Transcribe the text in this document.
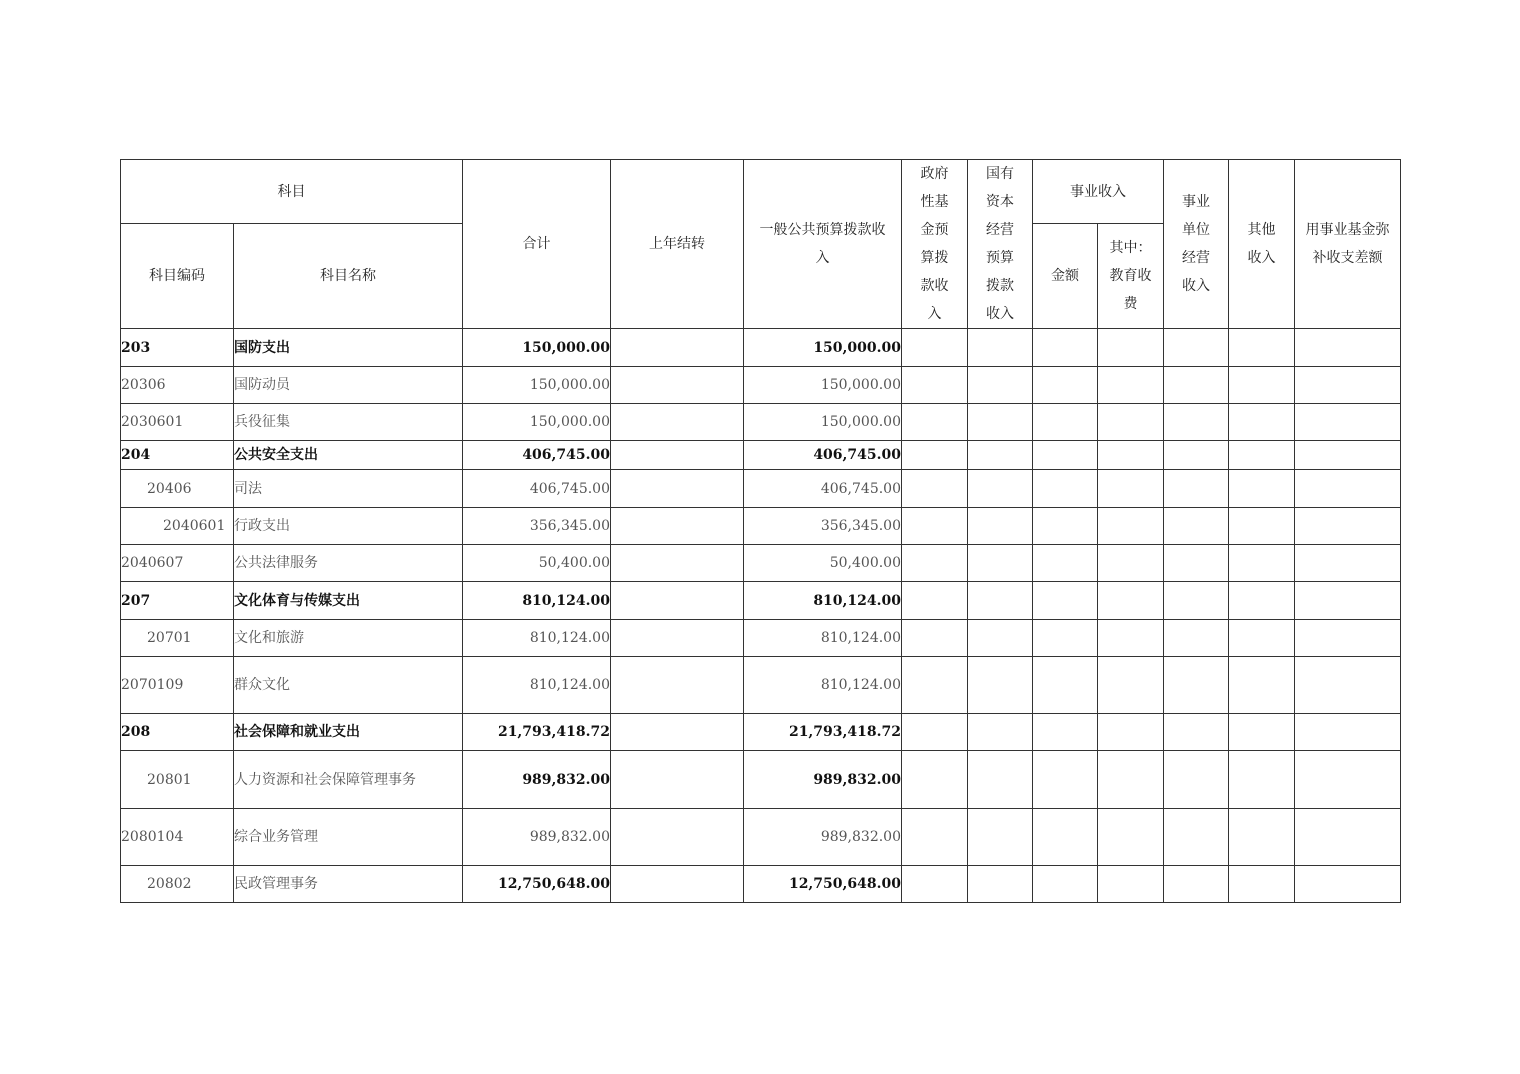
科目		合计	上年结转	一般公共预算拨款收入	政府性基金预算拨款收入	国有资本经营预算拨款收入	事业收入		事业单位经营收入	其他收入	用事业基金弥补收支差额
科目编码	科目名称						金额	其中：教育收费			
203	国防支出	150,000.00		150,000.00							
20306	国防动员	150,000.00		150,000.00							
2030601	兵役征集	150,000.00		150,000.00							
204	公共安全支出	406,745.00		406,745.00							
20406	司法	406,745.00		406,745.00							
2040601	行政支出	356,345.00		356,345.00							
2040607	公共法律服务	50,400.00		50,400.00							
207	文化体育与传媒支出	810,124.00		810,124.00							
20701	文化和旅游	810,124.00		810,124.00							
2070109	群众文化	810,124.00		810,124.00							
208	社会保障和就业支出	21,793,418.72		21,793,418.72							
20801	人力资源和社会保障管理事务	989,832.00		989,832.00							
2080104	综合业务管理	989,832.00		989,832.00							
20802	民政管理事务	12,750,648.00		12,750,648.00							
